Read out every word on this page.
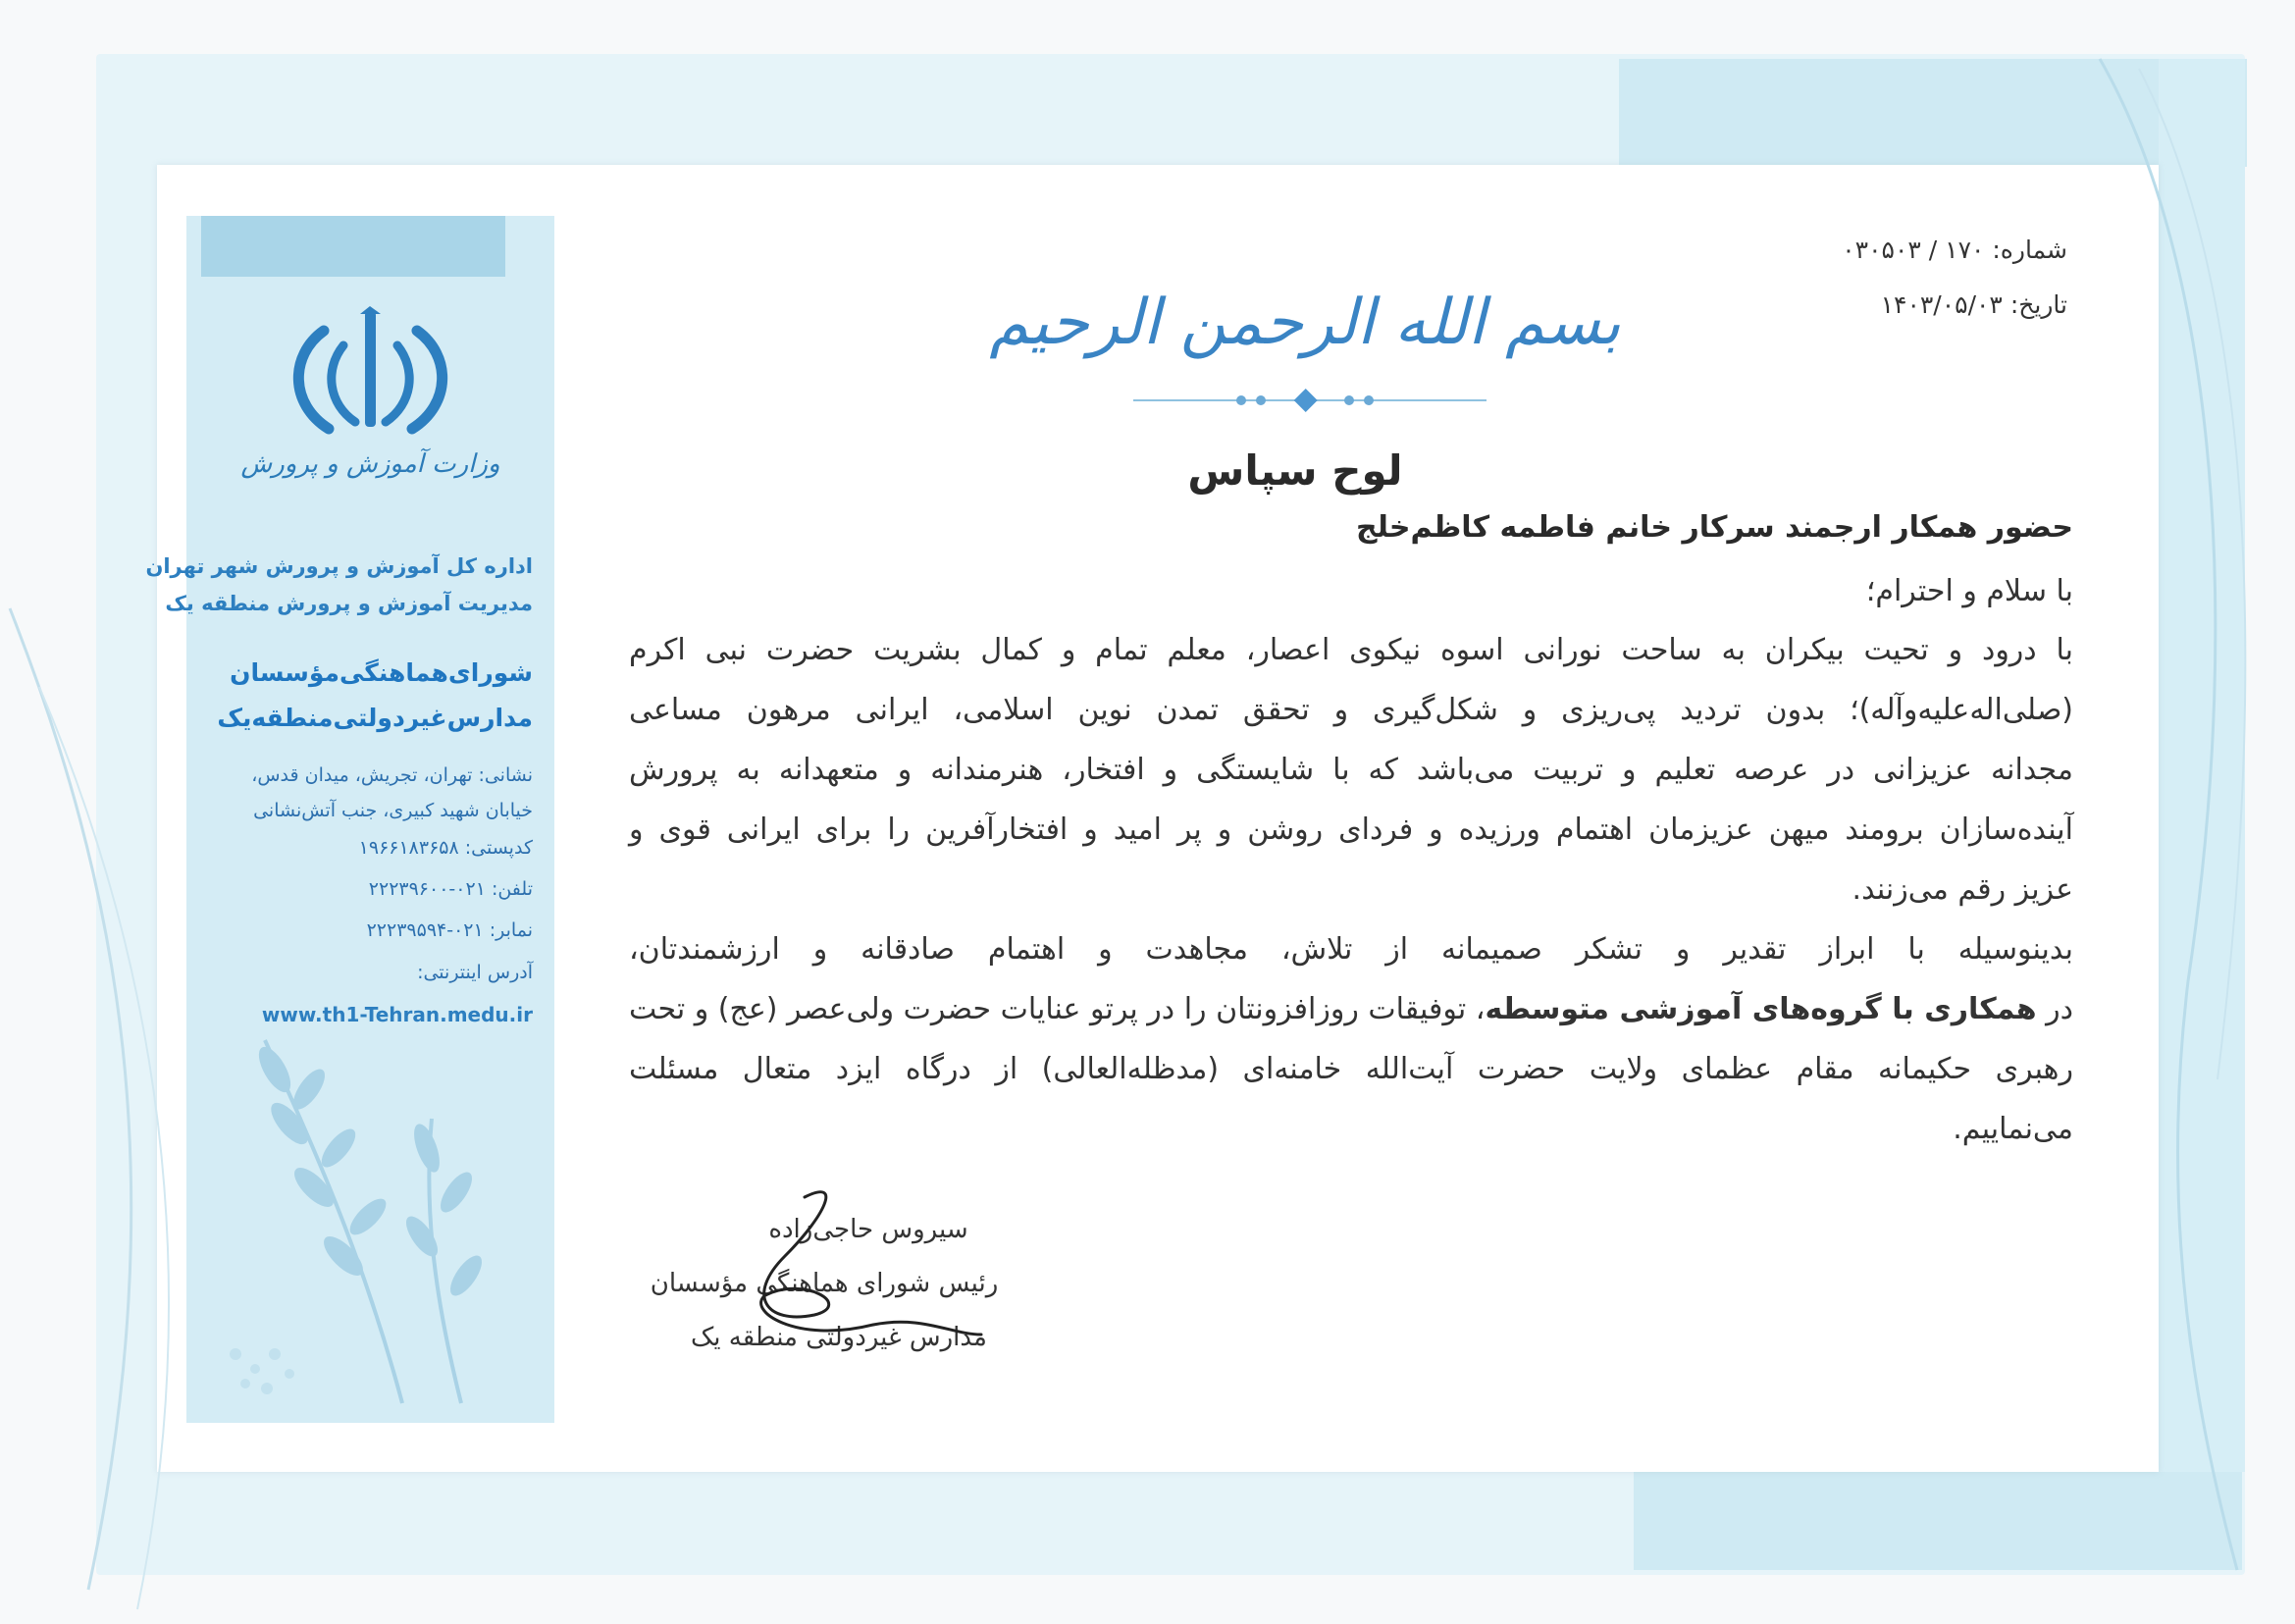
وزارت آموزش و پرورش
اداره کل آموزش و پرورش شهر تهران
مدیریت آموزش و پرورش منطقه یک
شورای‌هماهنگی‌مؤسسان
مدارس‌غیردولتی‌منطقه‌یک
نشانی: تهران، تجریش، میدان قدس،
خیابان شهید کبیری، جنب آتش‌نشانی
کدپستی: ۱۹۶۶۱۸۳۶۵۸
تلفن: ۰۲۱-۲۲۲۳۹۶۰۰
نمابر: ۰۲۱-۲۲۲۳۹۵۹۴
آدرس اینترنتی:
www.th1-Tehran.medu.ir
شماره: ۱۷۰ / ۰۳۰۵۰۳
تاریخ: ۱۴۰۳/۰۵/۰۳
بسم الله الرحمن الرحیم
لوح سپاس
حضور همکار ارجمند سرکار خانم فاطمه کاظم‌خلج
با سلام و احترام؛
با درود و تحیت بیکران به ساحت نورانی اسوه نیکوی اعصار، معلم تمام و کمال بشریت حضرت نبی اکرم
(صلی‌اله‌علیه‌وآله)؛ بدون تردید پی‌ریزی و شکل‌گیری و تحقق تمدن نوین اسلامی، ایرانی مرهون مساعی
مجدانه عزیزانی در عرصه تعلیم و تربیت می‌باشد که با شایستگی و افتخار، هنرمندانه و متعهدانه به پرورش
آینده‌سازان برومند میهن عزیزمان اهتمام ورزیده و فردای روشن و پر امید و افتخارآفرین را برای ایرانی قوی و
عزیز رقم می‌زنند.
بدینوسیله با ابراز تقدیر و تشکر صمیمانه از تلاش، مجاهدت و اهتمام صادقانه و ارزشمندتان،
در همکاری با گروه‌های آموزشی متوسطه، توفیقات روزافزونتان را در پرتو عنایات حضرت ولی‌عصر (عج) و تحت
رهبری حکیمانه مقام عظمای ولایت حضرت آیت‌الله خامنه‌ای (مدظله‌العالی) از درگاه ایزد متعال مسئلت
می‌نماییم.
سیروس حاجی‌زاده
رئیس شورای هماهنگی مؤسسان
مدارس غیردولتی منطقه یک
